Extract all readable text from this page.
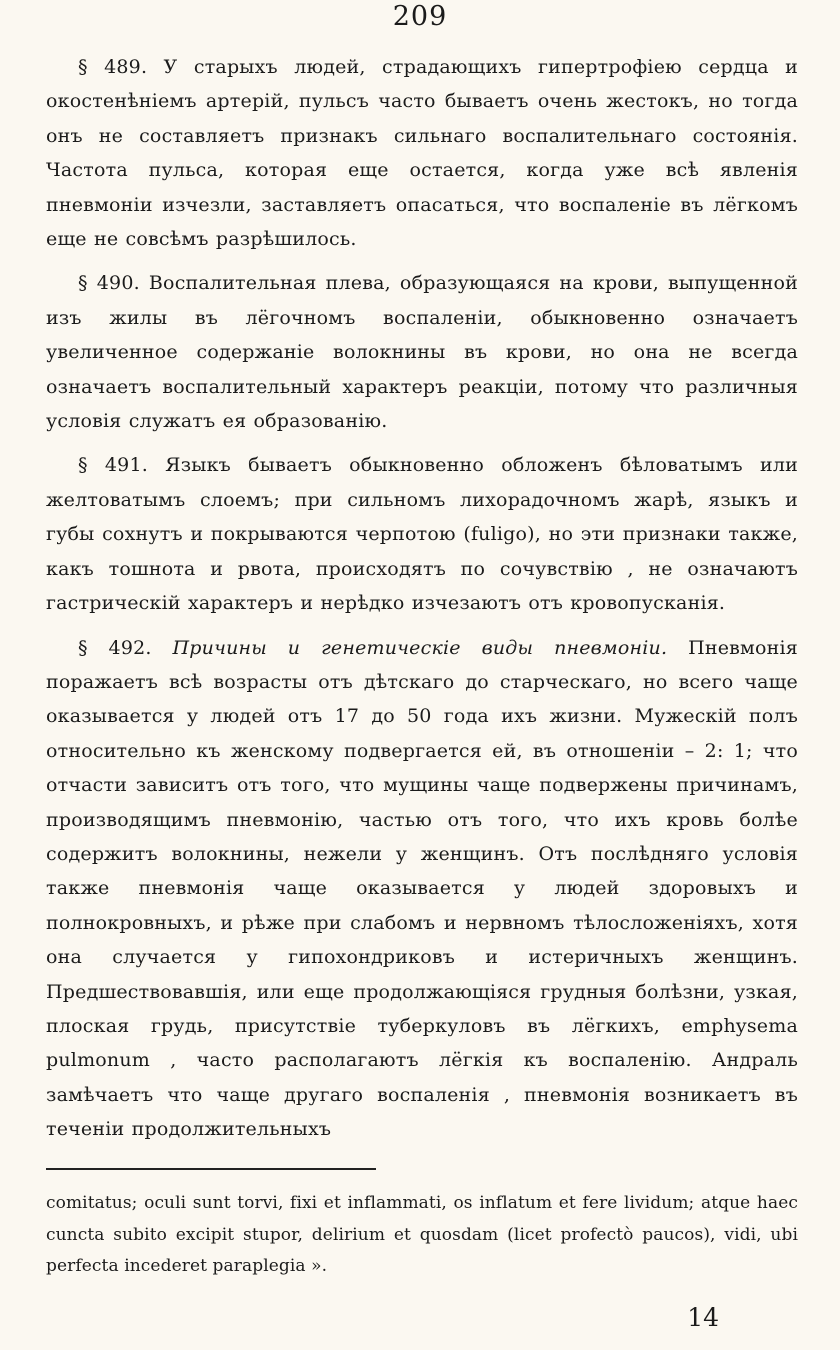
209

§ 489. У старыхъ людей, страдающихъ гипертрофіею сердца и окостенѣніемъ артерій, пульсъ часто бываетъ очень жестокъ, но тогда онъ не составляетъ признакъ сильнаго воспалительнаго состоянія. Частота пульса, которая еще остается, когда уже всѣ явленія пневмоніи изчезли, заставляетъ опасаться, что воспаленіе въ лёгкомъ еще не совсѣмъ разрѣшилось.

§ 490. Воспалительная плева, образующаяся на крови, выпущенной изъ жилы въ лёгочномъ воспаленіи, обыкновенно означаетъ увеличенное содержаніе волокнины въ крови, но она не всегда означаетъ воспалительный характеръ реакціи, потому что различныя условія служатъ ея образованію.

§ 491. Языкъ бываетъ обыкновенно обложенъ бѣловатымъ или желтоватымъ слоемъ; при сильномъ лихорадочномъ жарѣ, языкъ и губы сохнутъ и покрываются черпотою (fuligo), но эти признаки также, какъ тошнота и рвота, происходятъ по сочувствію , не означаютъ гастрическій характеръ и нерѣдко изчезаютъ отъ кровопусканія.

§ 492. Причины и генетическіе виды пневмоніи. Пневмонія поражаетъ всѣ возрасты отъ дѣтскаго до старческаго, но всего чаще оказывается у людей отъ 17 до 50 года ихъ жизни. Мужескій полъ относительно къ женскому подвергается ей, въ отношеніи – 2: 1; что отчасти зависитъ отъ того, что мущины чаще подвержены причинамъ, производящимъ пневмонію, частью отъ того, что ихъ кровь болѣе содержитъ волокнины, нежели у женщинъ. Отъ послѣдняго условія также пневмонія чаще оказывается у людей здоровыхъ и полнокровныхъ, и рѣже при слабомъ и нервномъ тѣлосложеніяхъ, хотя она случается у гипохондриковъ и истеричныхъ женщинъ. Предшествовавшія, или еще продолжающіяся грудныя болѣзни, узкая, плоская грудь, присутствіе туберкуловъ въ лёгкихъ, emphysema pulmonum , часто располагаютъ лёгкія къ воспаленію. Андраль замѣчаетъ что чаще другаго воспаленія , пневмонія возникаетъ въ теченіи продолжительныхъ

comitatus; oculi sunt torvi, fixi et inflammati, os inflatum et fere lividum; atque haec cuncta subito excipit stupor, delirium et quosdam (licet profectò paucos), vidi, ubi perfecta incederet paraplegia ».

14
